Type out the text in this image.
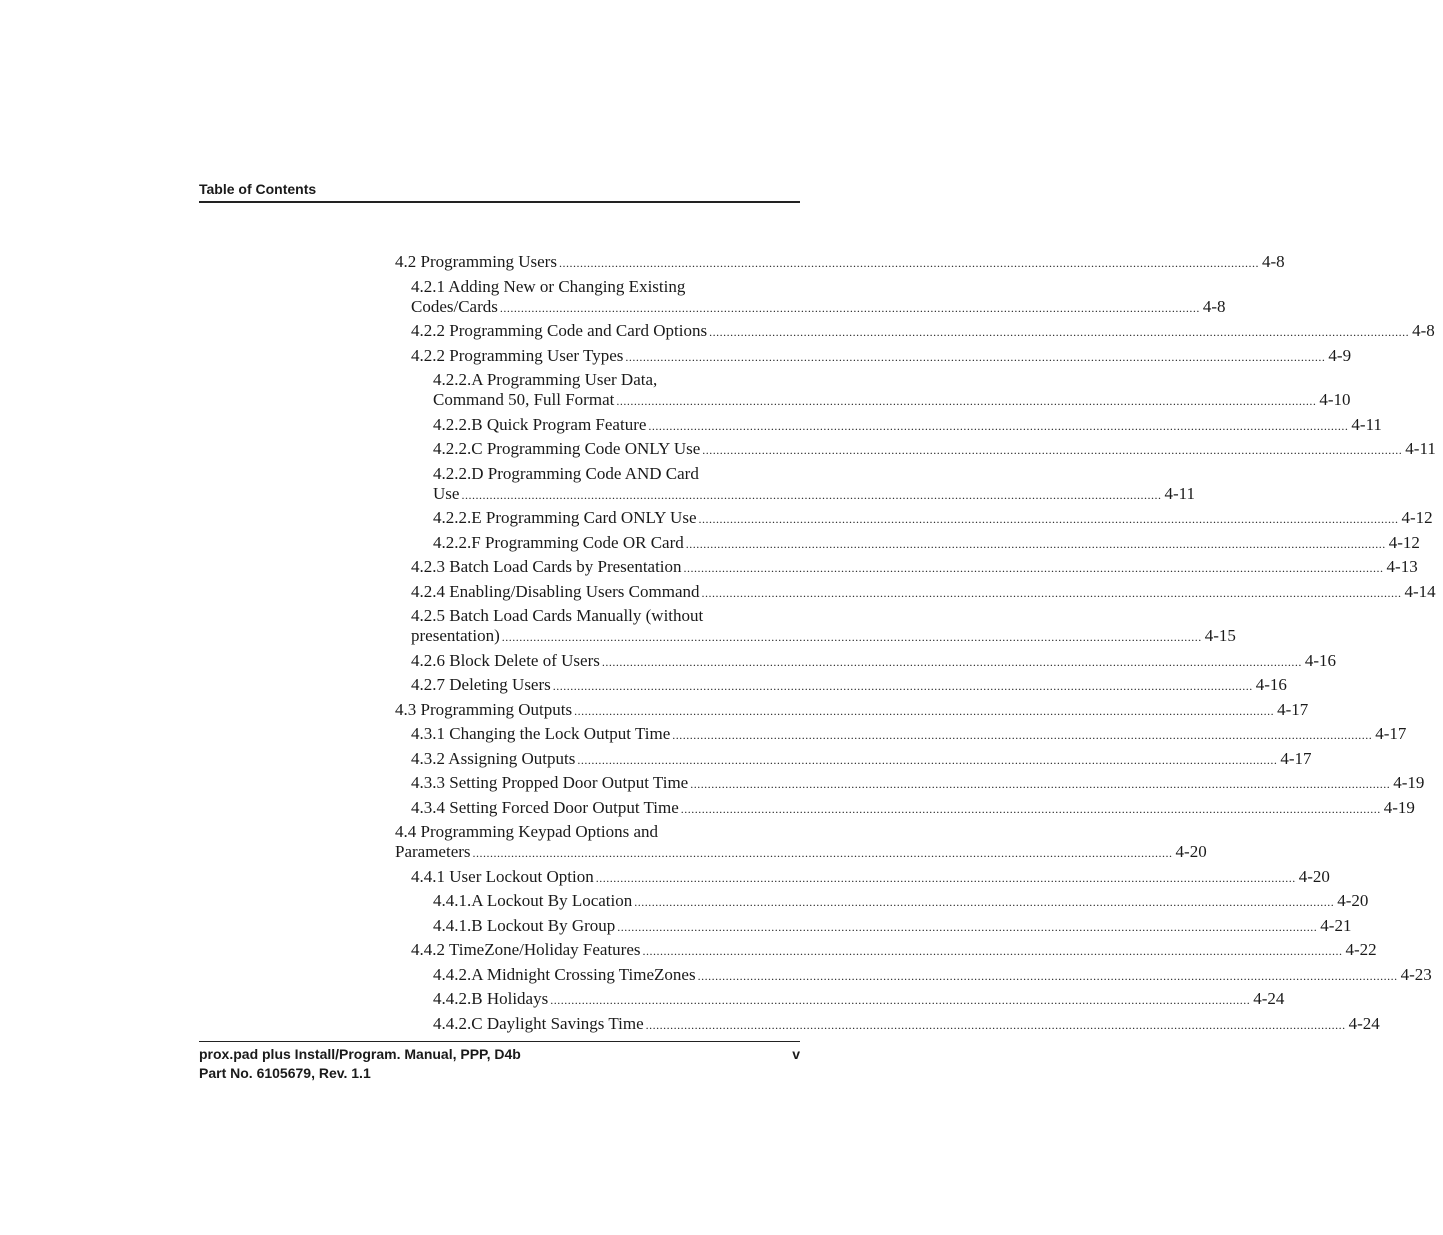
Table of Contents
4.2 Programming Users ........................................................................................................................................................................................................ 4-8
4.2.1 Adding New or Changing Existing
Codes/Cards ........................................................................................................................................................................................................ 4-8
4.2.2 Programming Code and Card Options ........................................................................................................................................................................................................ 4-8
4.2.2 Programming User Types ........................................................................................................................................................................................................ 4-9
4.2.2.A Programming User Data,
Command 50, Full Format ........................................................................................................................................................................................................ 4-10
4.2.2.B Quick Program Feature ........................................................................................................................................................................................................ 4-11
4.2.2.C Programming Code ONLY Use ........................................................................................................................................................................................................ 4-11
4.2.2.D Programming Code AND Card
Use ........................................................................................................................................................................................................ 4-11
4.2.2.E Programming Card ONLY Use ........................................................................................................................................................................................................ 4-12
4.2.2.F Programming Code OR Card ........................................................................................................................................................................................................ 4-12
4.2.3 Batch Load Cards by Presentation ........................................................................................................................................................................................................ 4-13
4.2.4 Enabling/Disabling Users Command ........................................................................................................................................................................................................ 4-14
4.2.5 Batch Load Cards Manually (without
presentation) ........................................................................................................................................................................................................ 4-15
4.2.6 Block Delete of Users ........................................................................................................................................................................................................ 4-16
4.2.7 Deleting Users ........................................................................................................................................................................................................ 4-16
4.3 Programming Outputs ........................................................................................................................................................................................................ 4-17
4.3.1 Changing the Lock Output Time ........................................................................................................................................................................................................ 4-17
4.3.2 Assigning Outputs ........................................................................................................................................................................................................ 4-17
4.3.3 Setting Propped Door Output Time ........................................................................................................................................................................................................ 4-19
4.3.4 Setting Forced Door Output Time ........................................................................................................................................................................................................ 4-19
4.4 Programming Keypad Options and
Parameters ........................................................................................................................................................................................................ 4-20
4.4.1 User Lockout Option ........................................................................................................................................................................................................ 4-20
4.4.1.A Lockout By Location ........................................................................................................................................................................................................ 4-20
4.4.1.B Lockout By Group ........................................................................................................................................................................................................ 4-21
4.4.2 TimeZone/Holiday Features ........................................................................................................................................................................................................ 4-22
4.4.2.A Midnight Crossing TimeZones ........................................................................................................................................................................................................ 4-23
4.4.2.B Holidays ........................................................................................................................................................................................................ 4-24
4.4.2.C Daylight Savings Time ........................................................................................................................................................................................................ 4-24
prox.pad plus Install/Program. Manual, PPP, D4b	v
Part No. 6105679, Rev. 1.1
